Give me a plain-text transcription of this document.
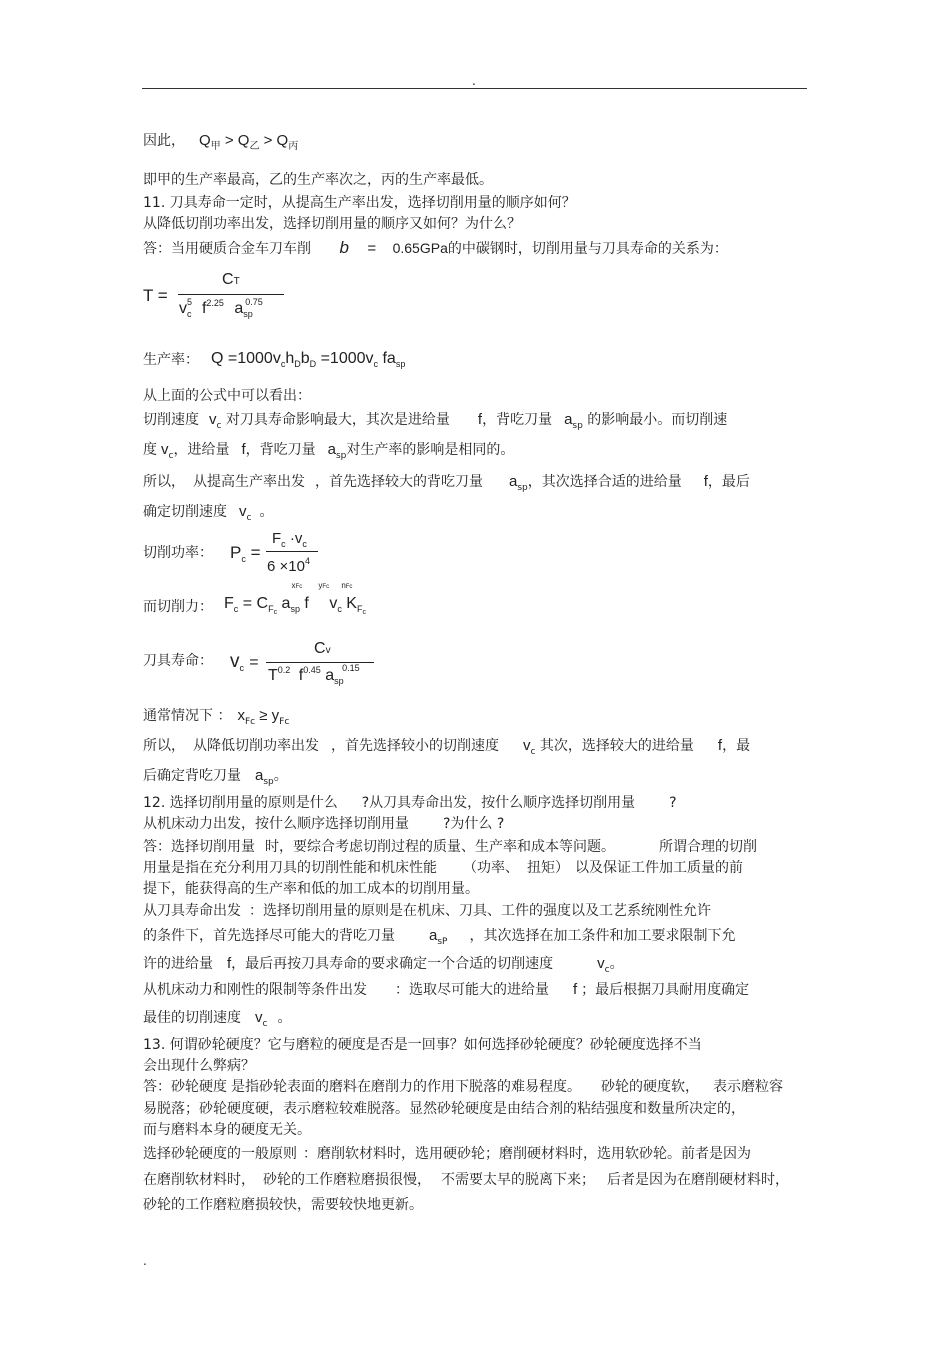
.
因此， $Q_甲 > Q_乙 > Q_丙$
即甲的生产率最高，乙的生产率次之，丙的生产率最低。
11. 刀具寿命一定时，从提高生产率出发，选择切削用量的顺序如何？
从降低切削功率出发，选择切削用量的顺序又如何？为什么？
答：当用硬质合金车刀车削 b = 0.65GPa的中碳钢时，切削用量与刀具寿命的关系为：
T =
CT
v 5
$_c$ $f^{2.25}$ a 0.75
$_{sp}$
生产率： $Q =1000v_ch_Db_D =1000v_c$ $fa_{sp}$
从上面的公式中可以看出：
切削速度 $v_c$ 对刀具寿命影响最大，其次是进给量 f，背吃刀量 $a_{sp}$ 的影响最小。而切削速
度 $v_c$，进给量 f，背吃刀量 $a_{sp}$对生产率的影响是相同的。
所以， 从提高生产率出发 ，首先选择较大的背吃刀量 $a_{sp}$，其次选择合适的进给量 f，最后
确定切削速度 $v_c$ 。
切削功率： $P_c$ =
$F_c \cdot v_c$
$6 \times 10^4$
而切削力： $F_c = C_{Fc}$ a
xFc
$_{sp}$ f
yFc
v
nFc
$_c$ $K_{Fc}$
刀具寿命： $v_c$ =
Cv
$T^{0.2}$ $f^{0.45}$ a 0.15
$_{sp}$
通常情况下 ： $x_{Fc} \ge y_{Fc}$
所以， 从降低切削功率出发 ，首先选择较小的切削速度 $v_c$ 其次，选择较大的进给量 f，最
后确定背吃刀量 $a_{sp}$。
12. 选择切削用量的原则是什么 ?从刀具寿命出发，按什么顺序选择切削用量 ?
从机床动力出发，按什么顺序选择切削用量 ?为什么 ?
答：选择切削用量 时，要综合考虑切削过程的质量、生产率和成本等问题。	所谓合理的切削
用量是指在充分利用刀具的切削性能和机床性能 （功率、 扭矩） 以及保证工件加工质量的前
提下，能获得高的生产率和低的加工成本的切削用量。
从刀具寿命出发 ：选择切削用量的原则是在机床、刀具、工件的强度以及工艺系统刚性允许
的条件下，首先选择尽可能大的背吃刀量 $a_{sP}$ ，其次选择在加工条件和加工要求限制下允
许的进给量 f，最后再按刀具寿命的要求确定一个合适的切削速度	$v_c$。
从机床动力和刚性的限制等条件出发 ：选取尽可能大的进给量 f ；最后根据刀具耐用度确定
最佳的切削速度 $v_c$ 。
13. 何谓砂轮硬度？它与磨粒的硬度是否是一回事？如何选择砂轮硬度？砂轮硬度选择不当
会出现什么弊病？
答：砂轮硬度 是指砂轮表面的磨料在磨削力的作用下脱落的难易程度。 砂轮的硬度软， 表示磨粒容
易脱落；砂轮硬度硬，表示磨粒较难脱落。显然砂轮硬度是由结合剂的粘结强度和数量所决定的，
而与磨料本身的硬度无关。
选择砂轮硬度的一般原则 ：磨削软材料时，选用硬砂轮；磨削硬材料时，选用软砂轮。前者是因为
在磨削软材料时， 砂轮的工作磨粒磨损很慢， 不需要太早的脱离下来； 后者是因为在磨削硬材料时，
砂轮的工作磨粒磨损较快，需要较快地更新。
.
